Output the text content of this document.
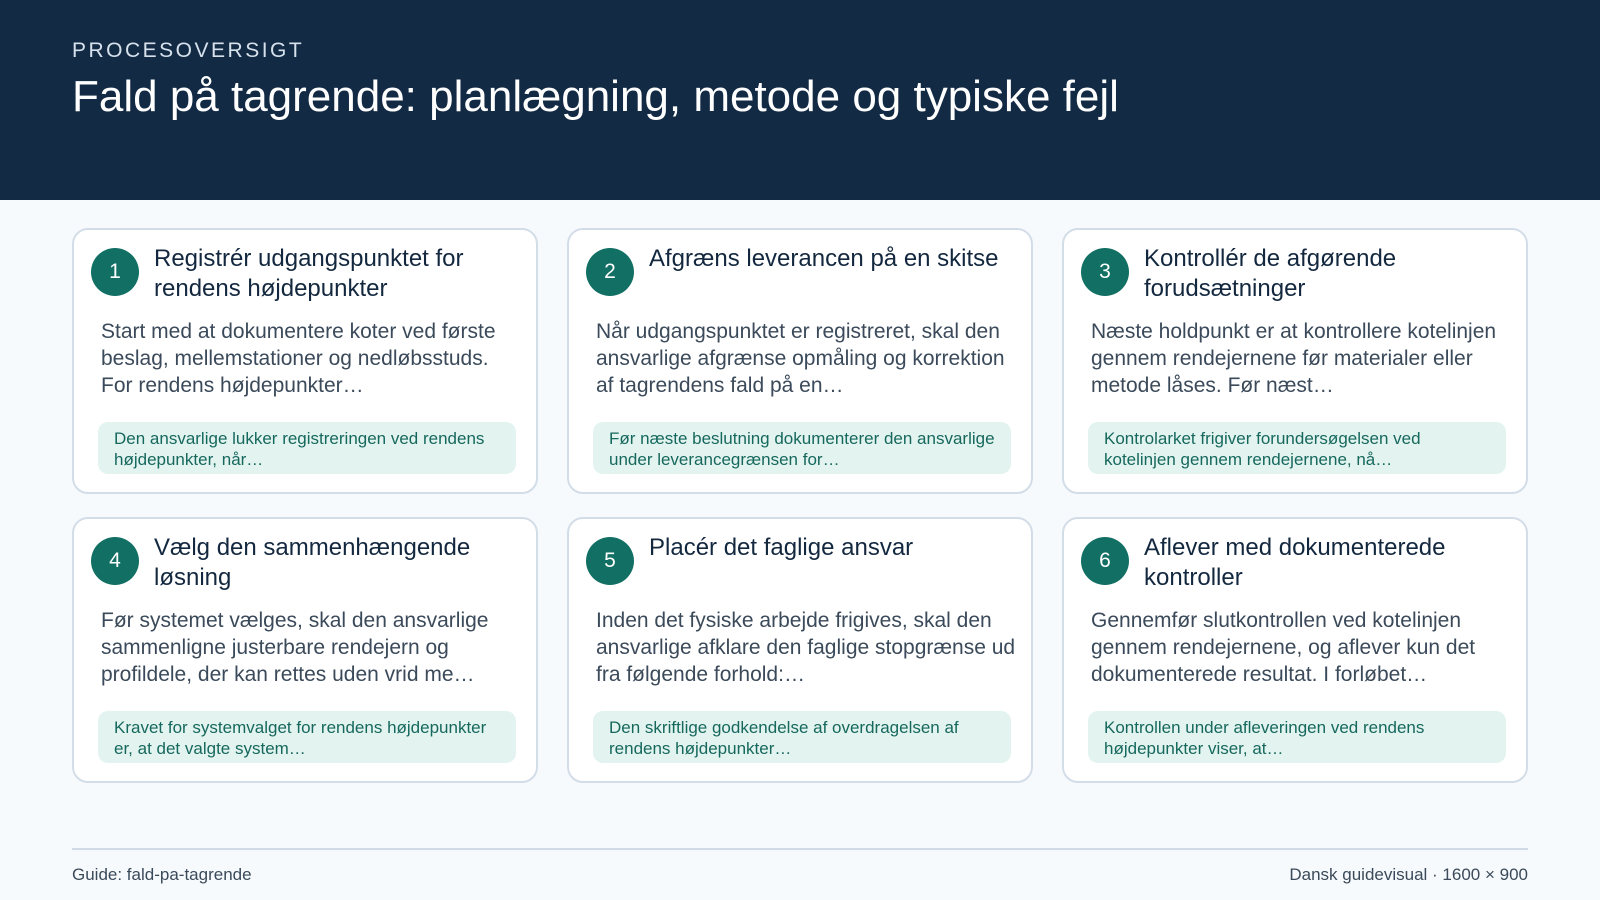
PROCESOVERSIGT
Fald på tagrende: planlægning, metode og typiske fejl
1	Registrér udgangspunktet for rendens højdepunkter
Start med at dokumentere koter ved første beslag, mellemstationer og nedløbsstuds. For rendens højdepunkter…
Den ansvarlige lukker registreringen ved rendens højdepunkter, når…
2	Afgræns leverancen på en skitse
Når udgangspunktet er registreret, skal den ansvarlige afgrænse opmåling og korrektion af tagrendens fald på en…
Før næste beslutning dokumenterer den ansvarlige under leverancegrænsen for…
3	Kontrollér de afgørende forudsætninger
Næste holdpunkt er at kontrollere kotelinjen gennem rendejernene før materialer eller metode låses. Før næst…
Kontrolarket frigiver forundersøgelsen ved kotelinjen gennem rendejernene, nå…
4	Vælg den sammenhængende løsning
Før systemet vælges, skal den ansvarlige sammenligne justerbare rendejern og profildele, der kan rettes uden vrid me…
Kravet for systemvalget for rendens højdepunkter er, at det valgte system…
5	Placér det faglige ansvar
Inden det fysiske arbejde frigives, skal den ansvarlige afklare den faglige stopgrænse ud fra følgende forhold:…
Den skriftlige godkendelse af overdragelsen af rendens højdepunkter…
6	Aflever med dokumenterede kontroller
Gennemfør slutkontrollen ved kotelinjen gennem rendejernene, og aflever kun det dokumenterede resultat. I forløbet…
Kontrollen under afleveringen ved rendens højdepunkter viser, at…
Guide: fald-pa-tagrende	Dansk guidevisual · 1600 × 900
